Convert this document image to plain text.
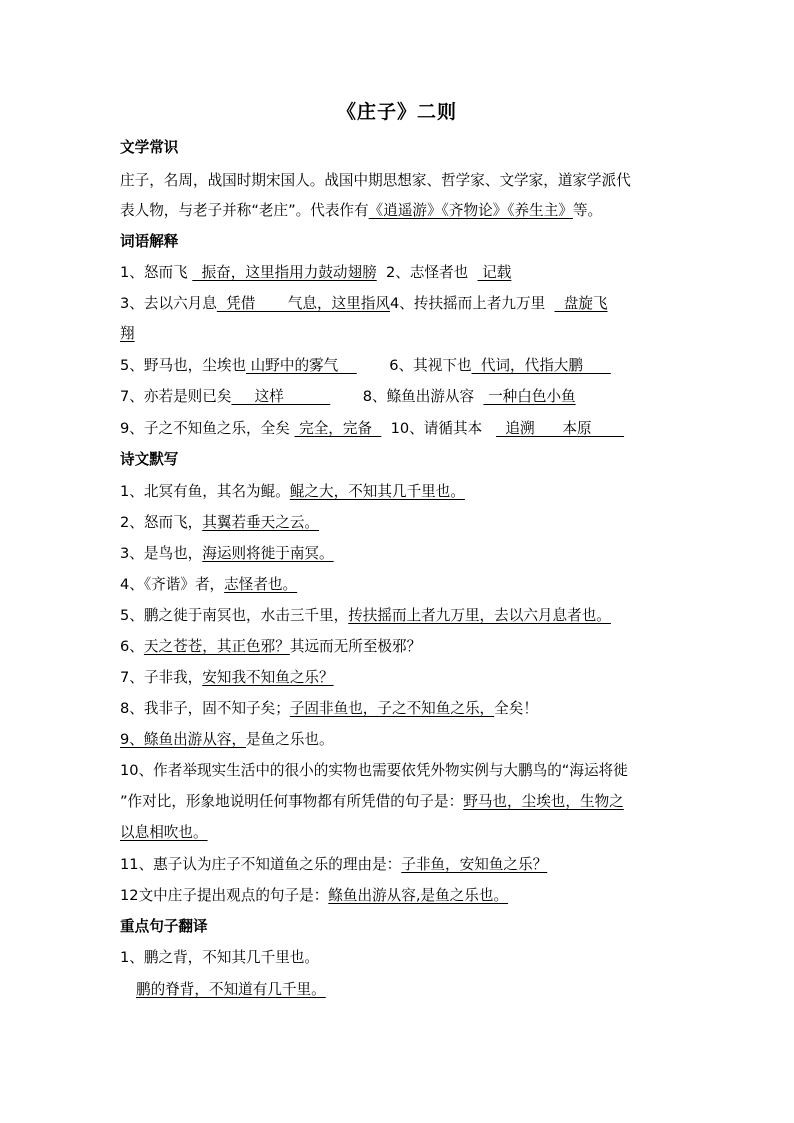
《庄子》二则
文学常识
庄子，名周，战国时期宋国人。战国中期思想家、哲学家、文学家，道家学派代
表人物，与老子并称“老庄”。代表作有《逍遥游》《齐物论》《养生主》等。
词语解释
1、怒而飞   振奋，这里指用力鼓动翅膀  2、志怪者也   记载
3、去以六月息  凭借       气息，这里指风4、抟扶摇而上者九万里    盘旋飞
翔
5、野马也，尘埃也 山野中的雾气           6、其视下也  代词，代指大鹏
7、亦若是则已矣     这样                 8、鲦鱼出游从容   一种白色小鱼
9、子之不知鱼之乐，全矣  完全，完备    10、请循其本     追溯      本原
诗文默写
1、北冥有鱼，其名为鲲。鲲之大，不知其几千里也。
2、怒而飞，其翼若垂天之云。
3、是鸟也，海运则将徙于南冥。
4、《齐谐》者，志怪者也。
5、鹏之徙于南冥也，水击三千里，抟扶摇而上者九万里，去以六月息者也。
6、天之苍苍，其正色邪？其远而无所至极邪？
7、子非我，安知我不知鱼之乐？
8、我非子，固不知子矣；子固非鱼也，子之不知鱼之乐，全矣！
9、鲦鱼出游从容，是鱼之乐也。
10、作者举现实生活中的很小的实物也需要依凭外物实例与大鹏鸟的“海运将徙
”作对比，形象地说明任何事物都有所凭借的句子是：野马也，尘埃也，生物之
以息相吹也。
11、惠子认为庄子不知道鱼之乐的理由是：子非鱼，安知鱼之乐？
12文中庄子提出观点的句子是：鲦鱼出游从容,是鱼之乐也。
重点句子翻译
1、鹏之背，不知其几千里也。
鹏的脊背，不知道有几千里。
